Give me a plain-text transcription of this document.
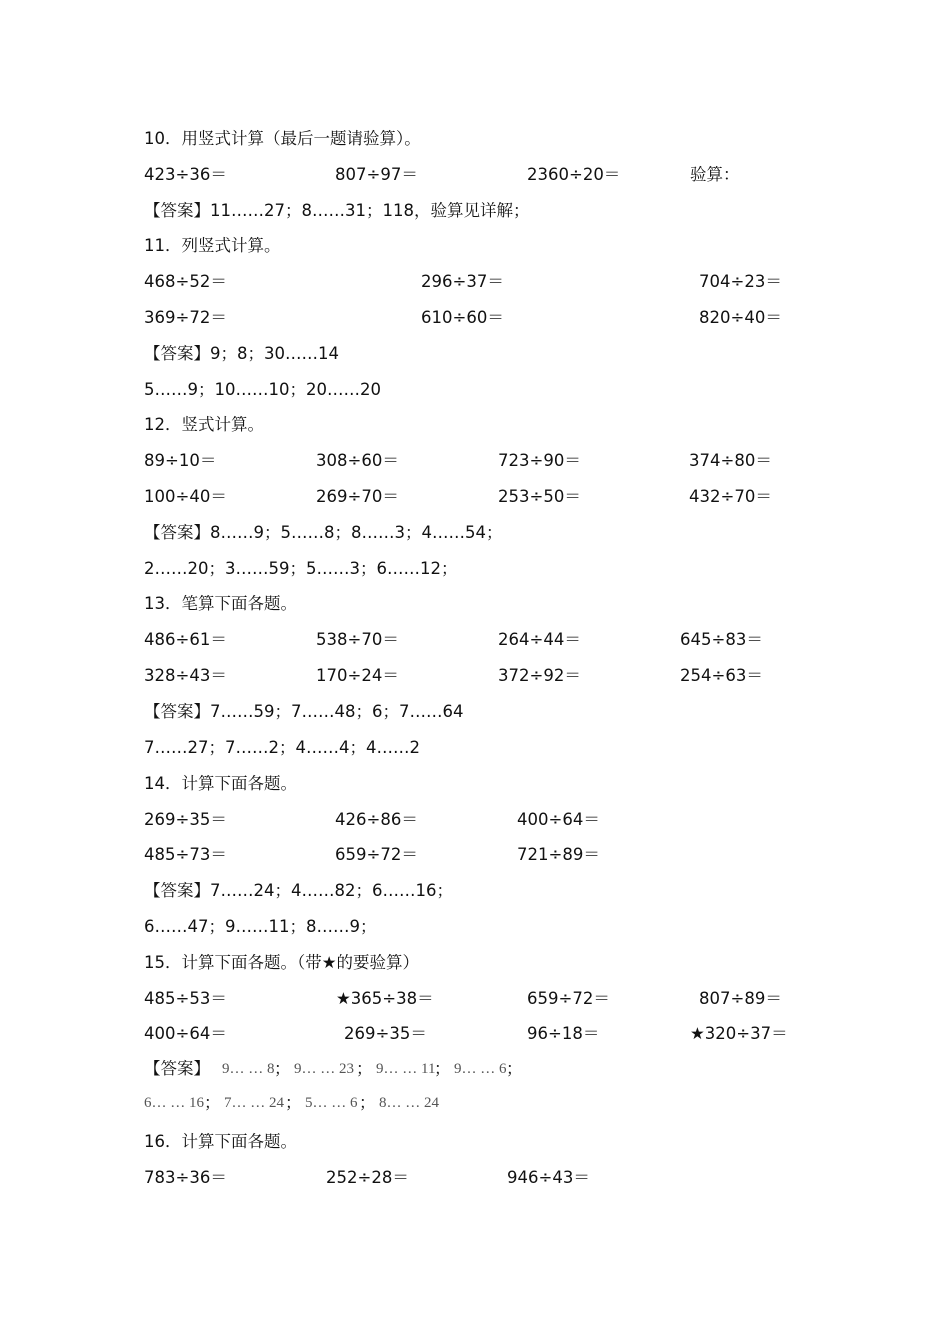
10．用竖式计算（最后一题请验算）。
423÷36＝	807÷97＝	2360÷20＝	验算：
【答案】11……27；8……31；118，验算见详解；
11．列竖式计算。
468÷52＝	296÷37＝	704÷23＝
369÷72＝	610÷60＝	820÷40＝
【答案】9；8；30……14
5……9；10……10；20……20
12．竖式计算。
89÷10＝	308÷60＝	723÷90＝	374÷80＝
100÷40＝	269÷70＝	253÷50＝	432÷70＝
【答案】8……9；5……8；8……3；4……54；
2……20；3……59；5……3；6……12；
13．笔算下面各题。
486÷61＝	538÷70＝	264÷44＝	645÷83＝
328÷43＝	170÷24＝	372÷92＝	254÷63＝
【答案】7……59；7……48；6；7……64
7……27；7……2；4……4；4……2
14．计算下面各题。
269÷35＝	426÷86＝	400÷64＝
485÷73＝	659÷72＝	721÷89＝
【答案】7……24；4……82；6……16；
6……47；9……11；8……9；
15．计算下面各题。（带★的要验算）
485÷53＝	★365÷38＝	659÷72＝	807÷89＝
400÷64＝	269÷35＝	96÷18＝	★320÷37＝
【答案】 9… … 8 ； 9… … 23 ； 9… … 11
； 9… … 6 ；
6… … 16 ； 7… … 24 ； 5… … 6 ； 8… … 24
16．计算下面各题。
783÷36＝	252÷28＝	946÷43＝
